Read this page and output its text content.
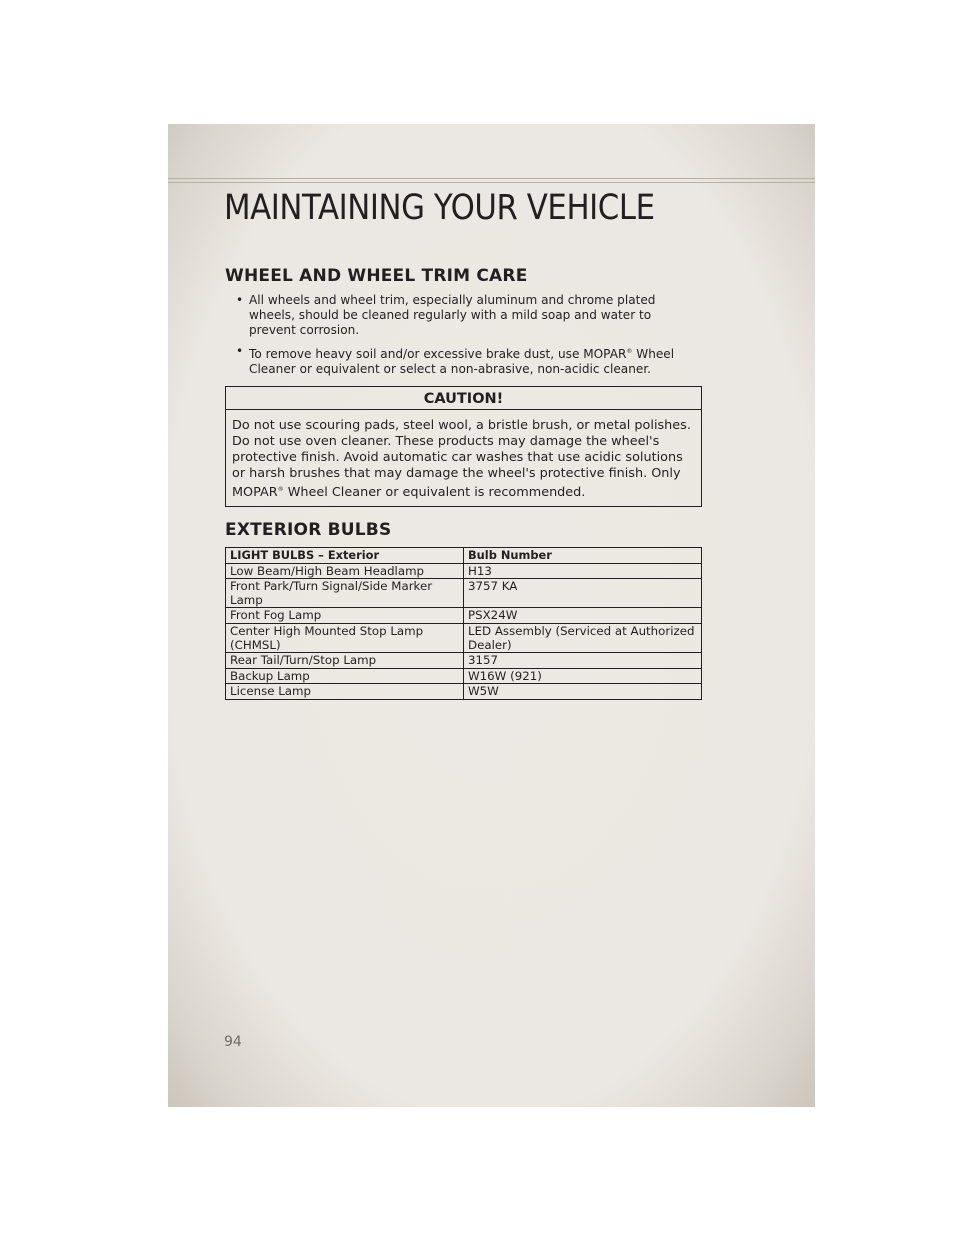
MAINTAINING YOUR VEHICLE
WHEEL AND WHEEL TRIM CARE
• All wheels and wheel trim, especially aluminum and chrome plated wheels, should be cleaned regularly with a mild soap and water to prevent corrosion.
• To remove heavy soil and/or excessive brake dust, use MOPAR® Wheel Cleaner or equivalent or select a non-abrasive, non-acidic cleaner.
CAUTION!
Do not use scouring pads, steel wool, a bristle brush, or metal polishes. Do not use oven cleaner. These products may damage the wheel's protective finish. Avoid automatic car washes that use acidic solutions or harsh brushes that may damage the wheel's protective finish. Only MOPAR® Wheel Cleaner or equivalent is recommended.
EXTERIOR BULBS
LIGHT BULBS – Exterior	Bulb Number
Low Beam/High Beam Headlamp	H13
Front Park/Turn Signal/Side Marker Lamp	3757 KA
Front Fog Lamp	PSX24W
Center High Mounted Stop Lamp (CHMSL)	LED Assembly (Serviced at Authorized Dealer)
Rear Tail/Turn/Stop Lamp	3157
Backup Lamp	W16W (921)
License Lamp	W5W
94
